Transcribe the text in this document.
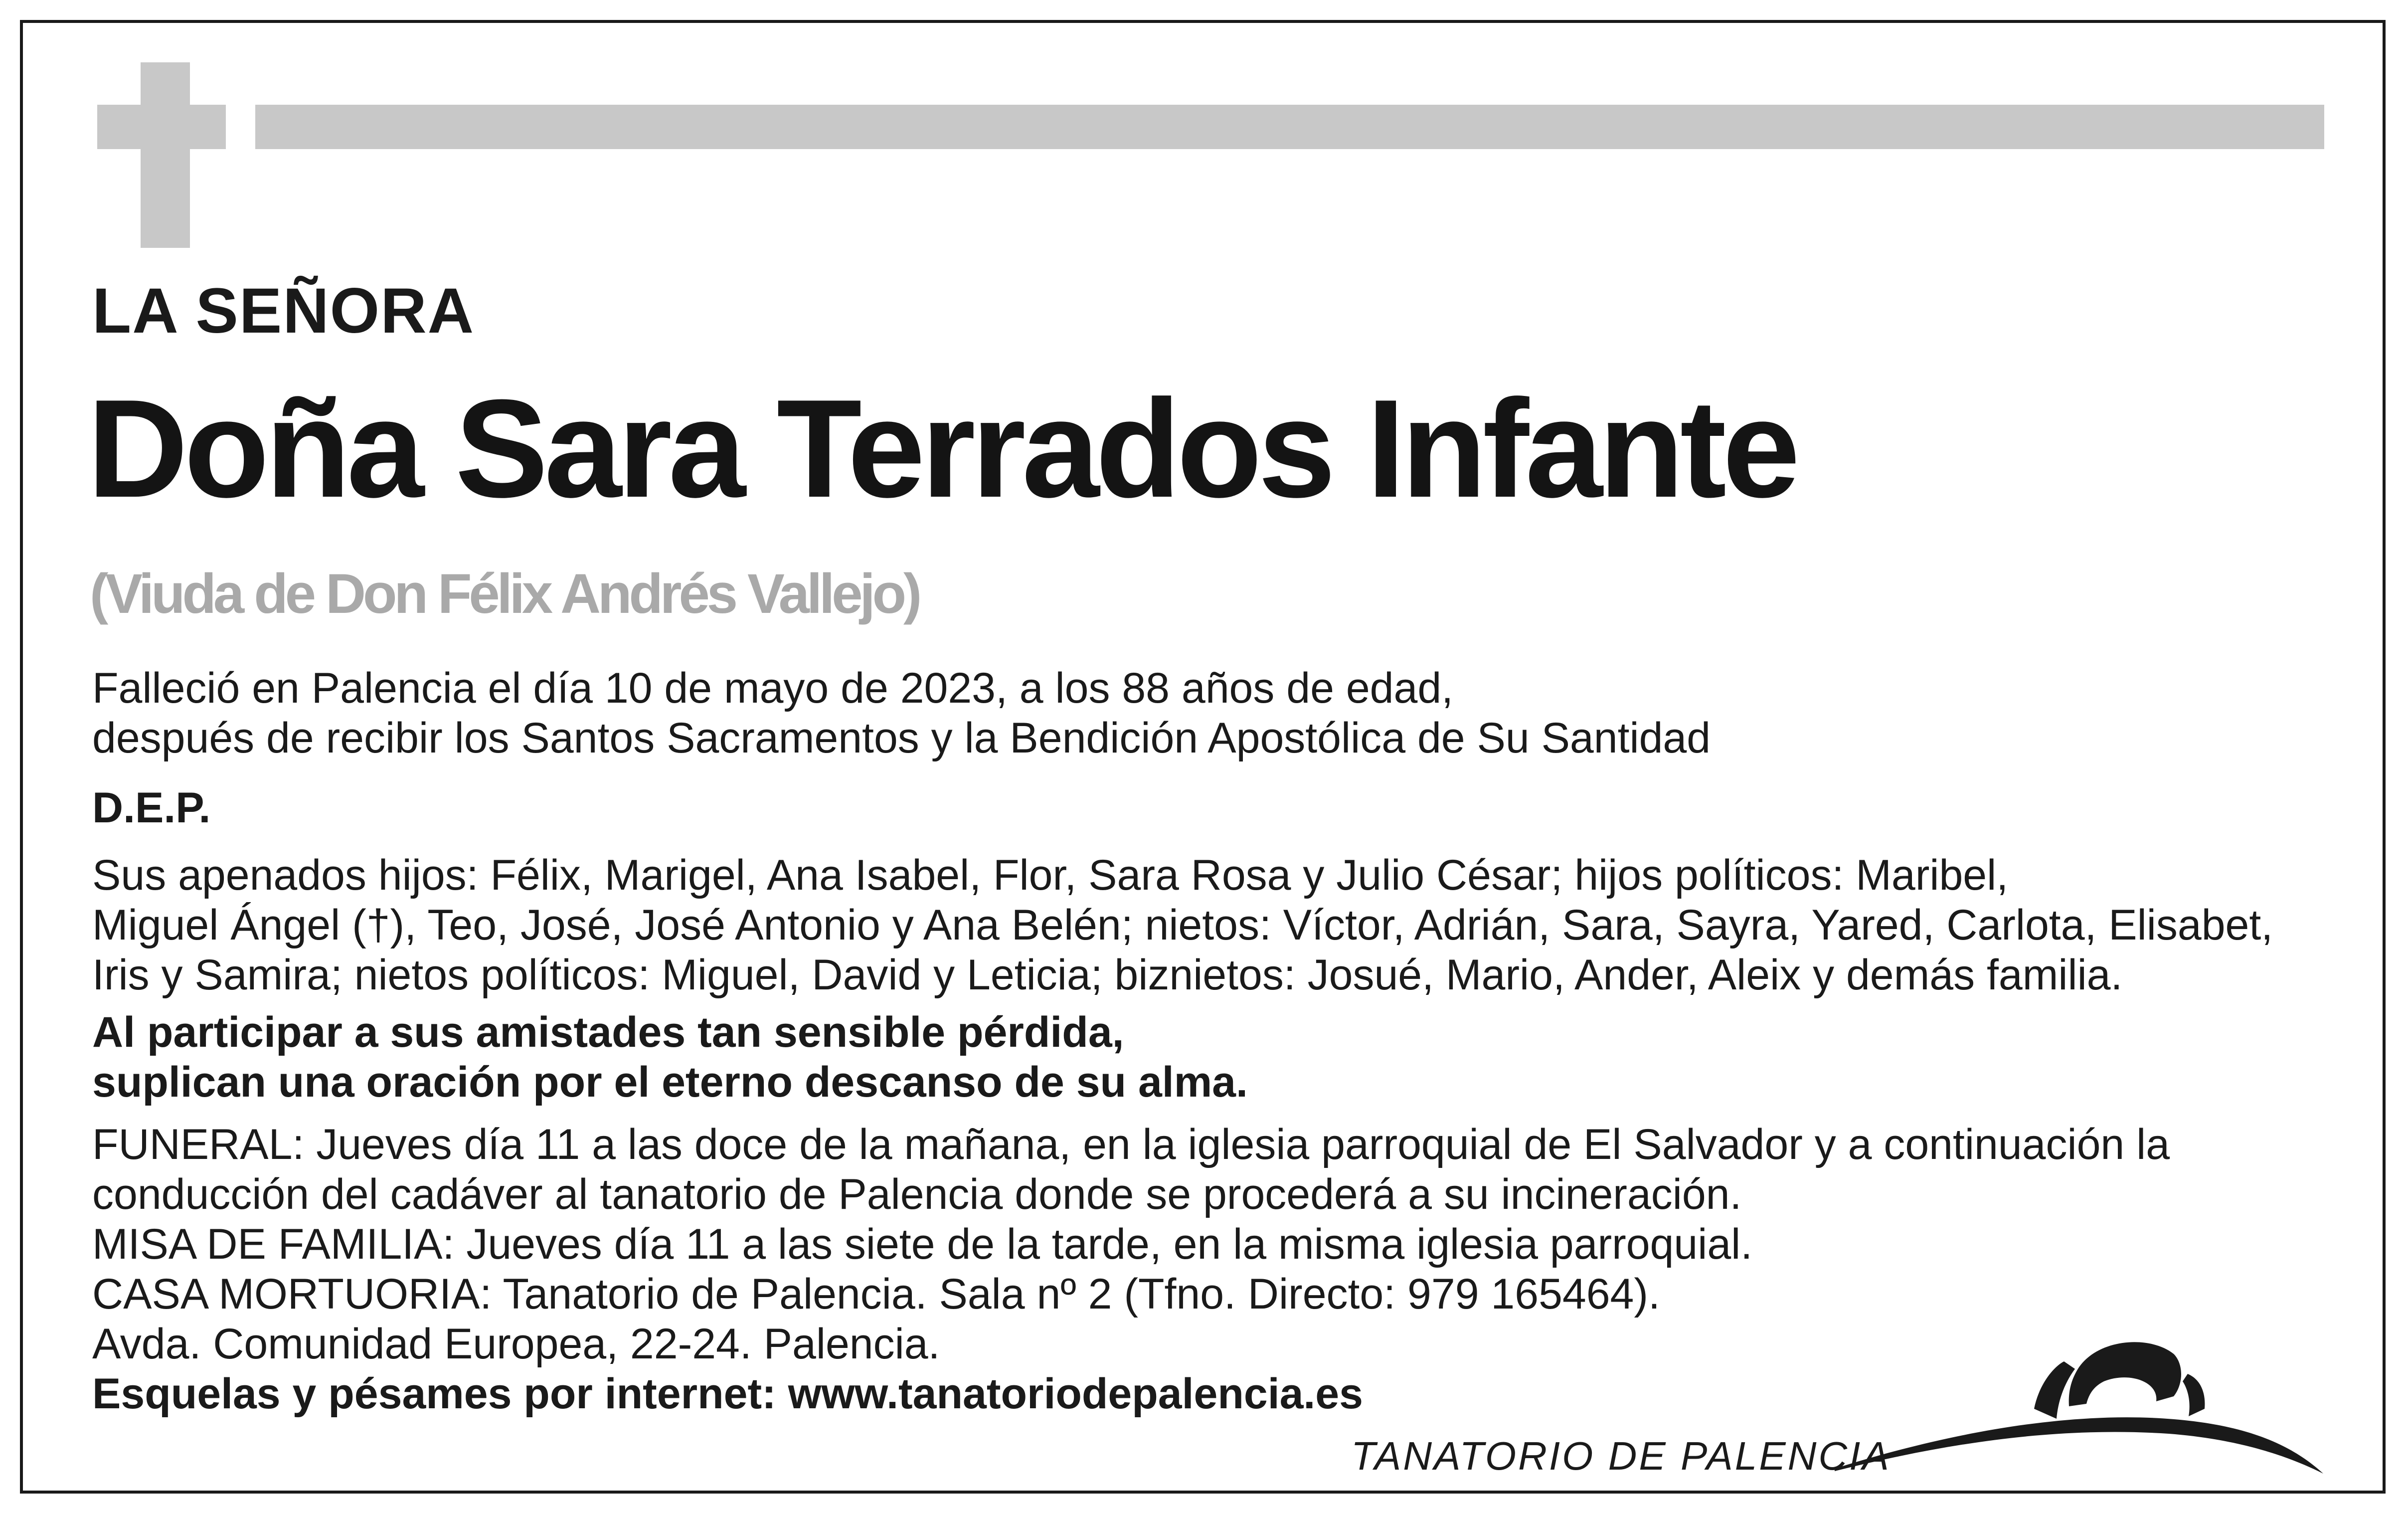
LA SEÑORA
Doña Sara Terrados Infante
(Viuda de Don Félix Andrés Vallejo)
Falleció en Palencia el día 10 de mayo de 2023, a los 88 años de edad,
después de recibir los Santos Sacramentos y la Bendición Apostólica de Su Santidad
D.E.P.
Sus apenados hijos: Félix, Marigel, Ana Isabel, Flor, Sara Rosa y Julio César; hijos políticos: Maribel,
Miguel Ángel (†), Teo, José, José Antonio y Ana Belén; nietos: Víctor, Adrián, Sara, Sayra, Yared, Carlota, Elisabet,
Iris y Samira; nietos políticos: Miguel, David y Leticia; biznietos: Josué, Mario, Ander, Aleix y demás familia.
Al participar a sus amistades tan sensible pérdida,
suplican una oración por el eterno descanso de su alma.
FUNERAL: Jueves día 11 a las doce de la mañana, en la iglesia parroquial de El Salvador y a continuación la
conducción del cadáver al tanatorio de Palencia donde se procederá a su incineración.
MISA DE FAMILIA: Jueves día 11 a las siete de la tarde, en la misma iglesia parroquial.
CASA MORTUORIA: Tanatorio de Palencia. Sala nº 2 (Tfno. Directo: 979 165464).
Avda. Comunidad Europea, 22-24. Palencia.
Esquelas y pésames por internet: www.tanatoriodepalencia.es
TANATORIO DE PALENCIA
